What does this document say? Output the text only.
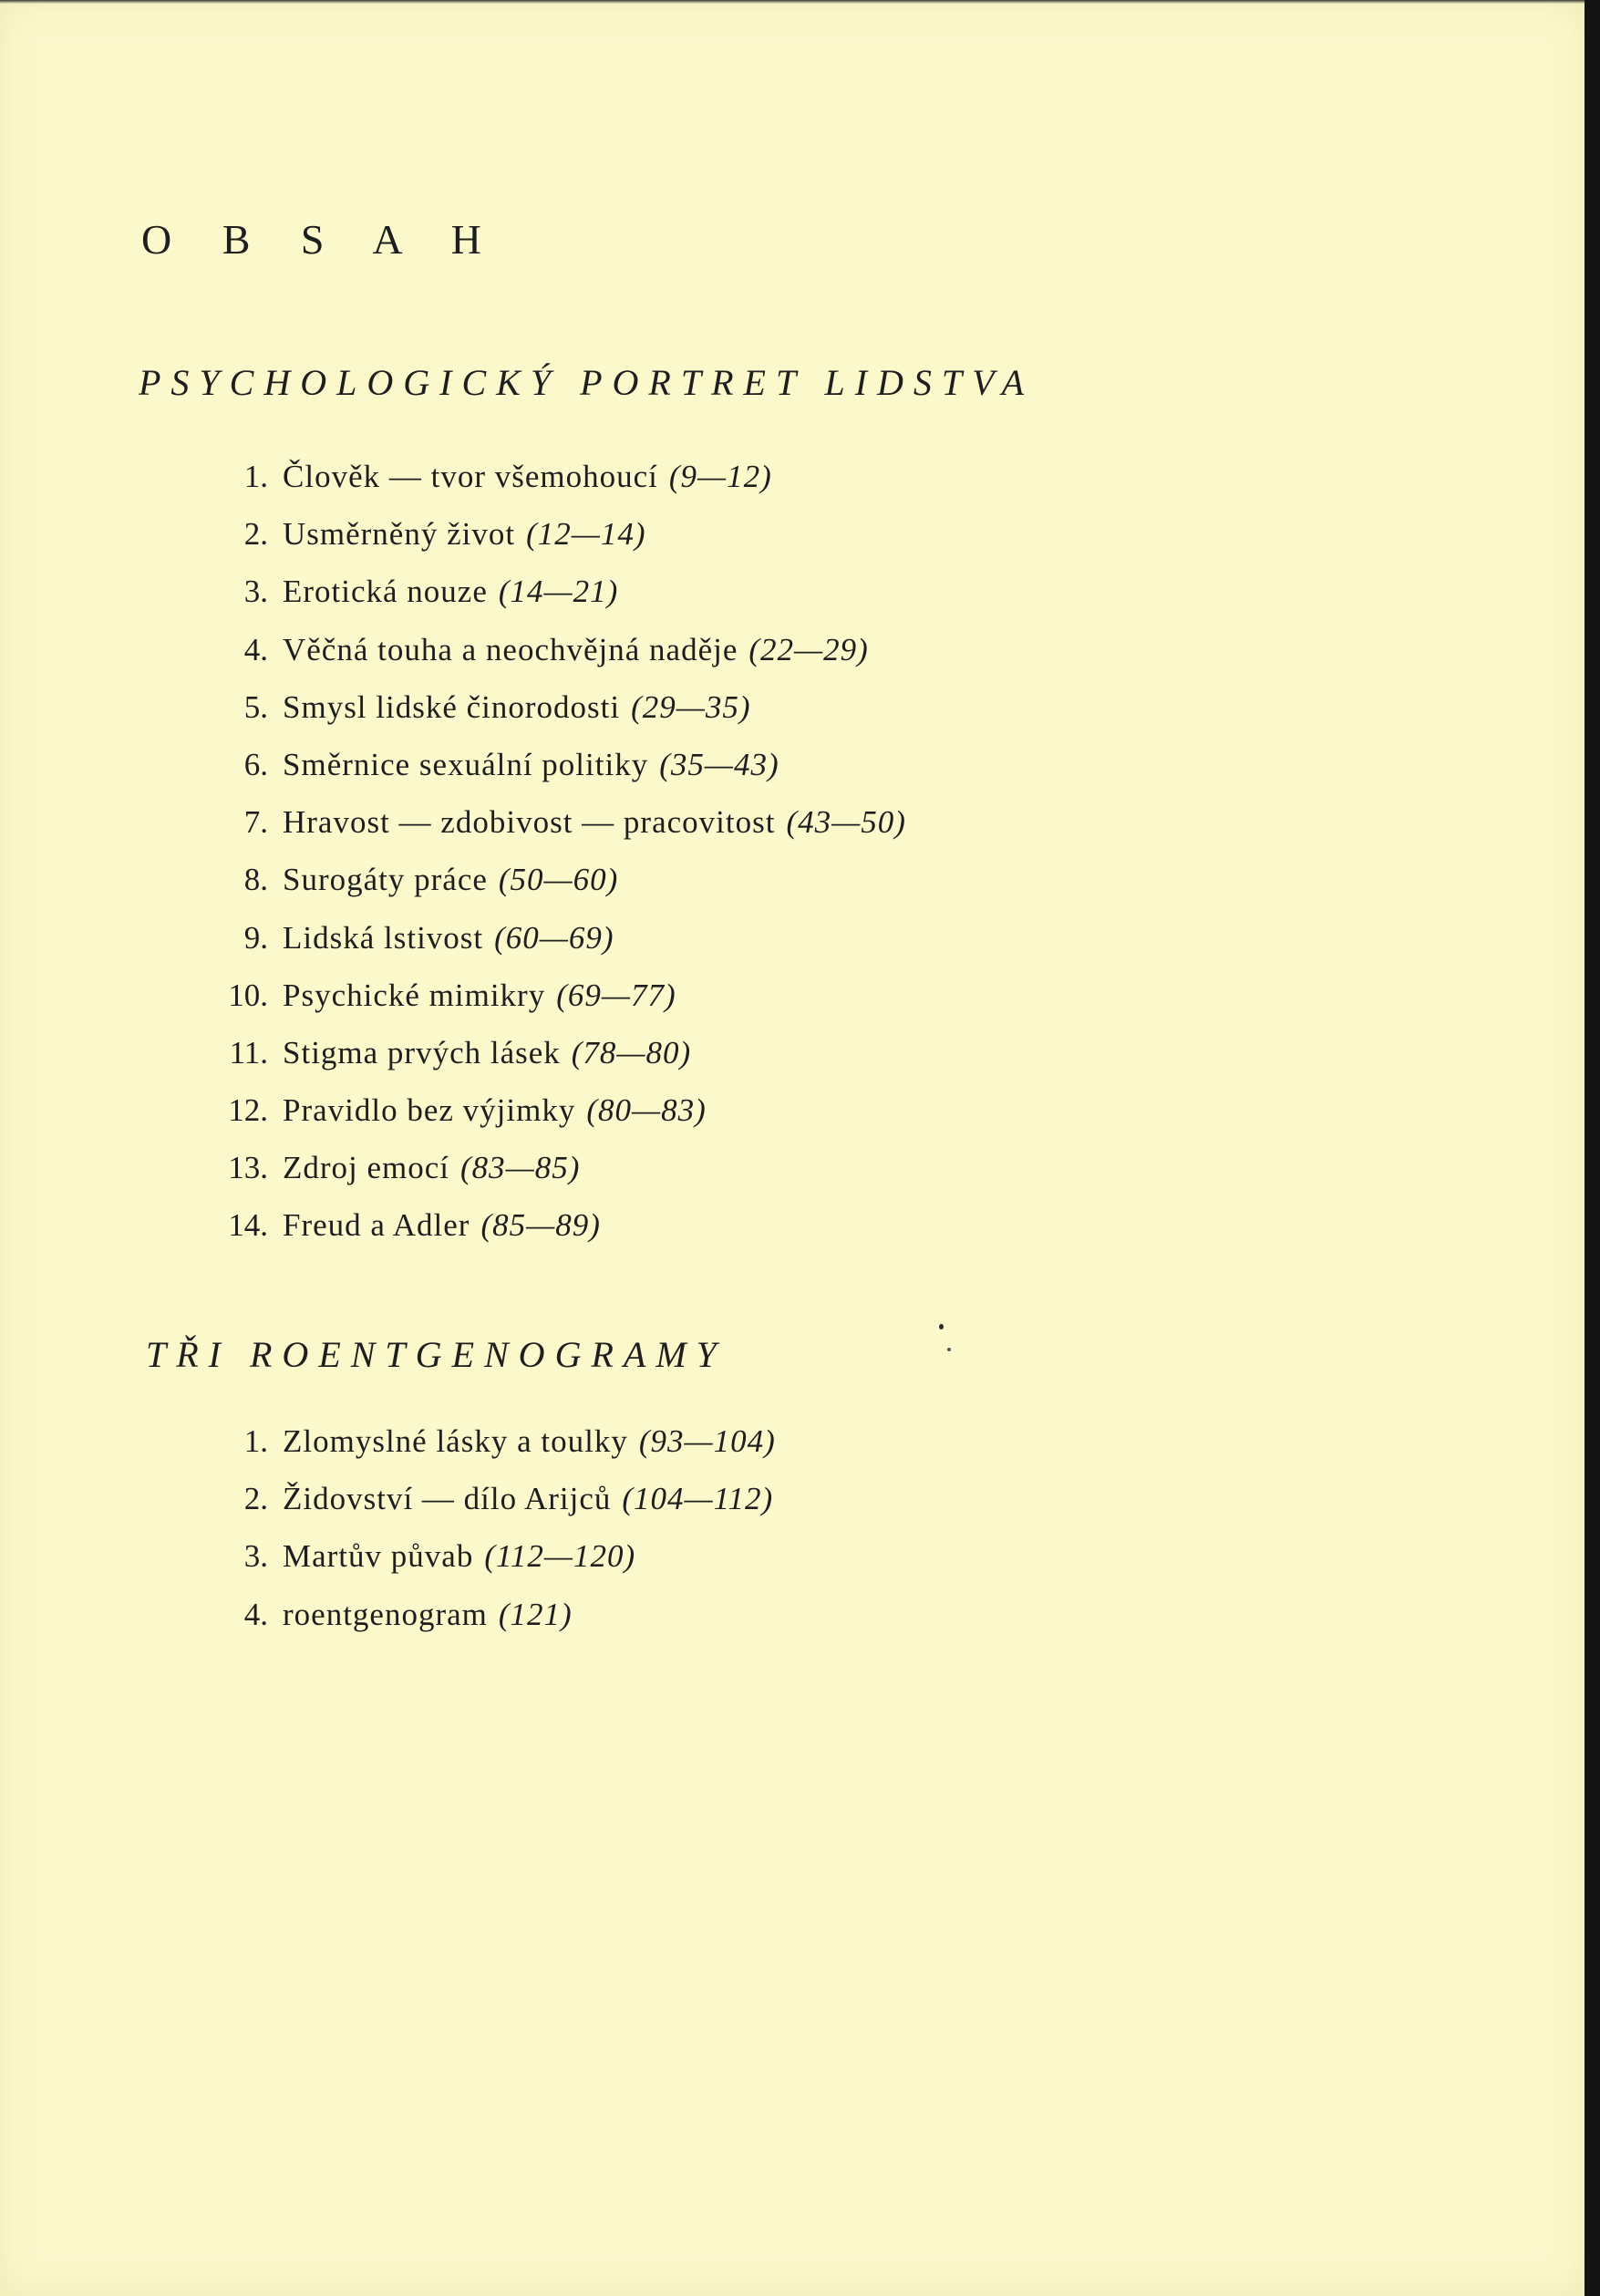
O B S A H
PSYCHOLOGICKÝ PORTRET LIDSTVA
1. Člověk — tvor všemohoucí (9—12)
2. Usměrněný život (12—14)
3. Erotická nouze (14—21)
4. Věčná touha a neochvějná naděje (22—29)
5. Smysl lidské činorodosti (29—35)
6. Směrnice sexuální politiky (35—43)
7. Hravost — zdobivost — pracovitost (43—50)
8. Surogáty práce (50—60)
9. Lidská lstivost (60—69)
10. Psychické mimikry (69—77)
11. Stigma prvých lásek (78—80)
12. Pravidlo bez výjimky (80—83)
13. Zdroj emocí (83—85)
14. Freud a Adler (85—89)
TŘI ROENTGENOGRAMY
1. Zlomyslné lásky a toulky (93—104)
2. Židovství — dílo Arijců (104—112)
3. Martův půvab (112—120)
4. roentgenogram (121)
